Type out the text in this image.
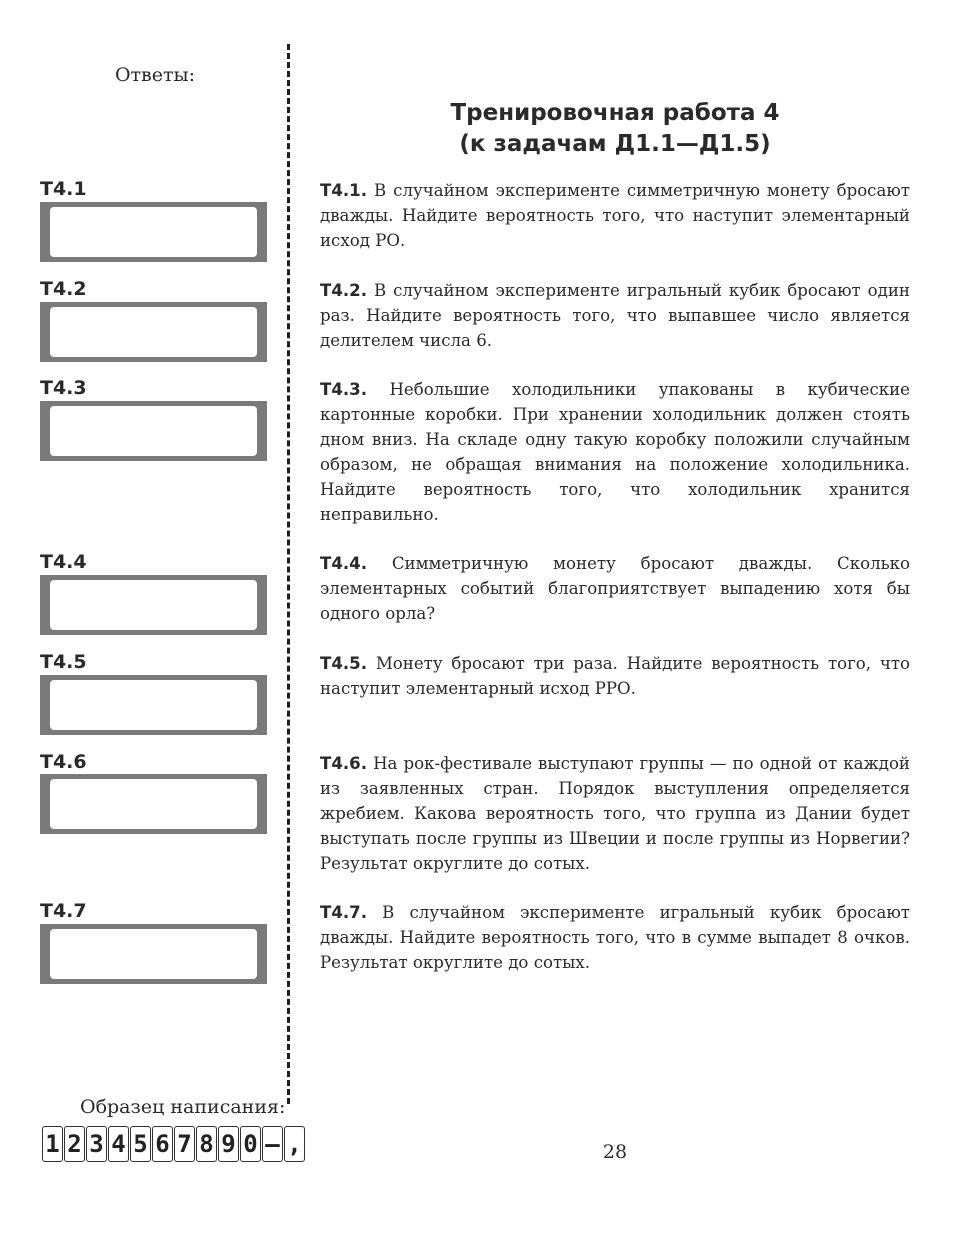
Ответы:
Тренировочная работа 4
(к задачам Д1.1—Д1.5)
Т4.1
Т4.2
Т4.3
Т4.4
Т4.5
Т4.6
Т4.7
Т4.1. В случайном эксперименте симметричную монету бросают дважды. Найдите вероятность того, что наступит элементарный исход РО.
Т4.2. В случайном эксперименте игральный кубик бросают один раз. Найдите вероятность того, что выпавшее число является делителем числа 6.
Т4.3. Небольшие холодильники упакованы в кубические картонные коробки. При хранении холодильник должен стоять дном вниз. На складе одну такую коробку положили случайным образом, не обращая внимания на положение холодильника. Найдите вероятность того, что холодильник хранится неправильно.
Т4.4. Симметричную монету бросают дважды. Сколько элементарных событий благоприятствует выпадению хотя бы одного орла?
Т4.5. Монету бросают три раза. Найдите вероятность того, что наступит элементарный исход РРО.
Т4.6. На рок-фестивале выступают группы — по одной от каждой из заявленных стран. Порядок выступления определяется жребием. Какова вероятность того, что группа из Дании будет выступать после группы из Швеции и после группы из Норвегии? Результат округлите до сотых.
Т4.7. В случайном эксперименте игральный кубик бросают дважды. Найдите вероятность того, что в сумме выпадет 8 очков. Результат округлите до сотых.
Образец написания:
1 2 3 4 5 6 7 8 9 0 – ,	28
